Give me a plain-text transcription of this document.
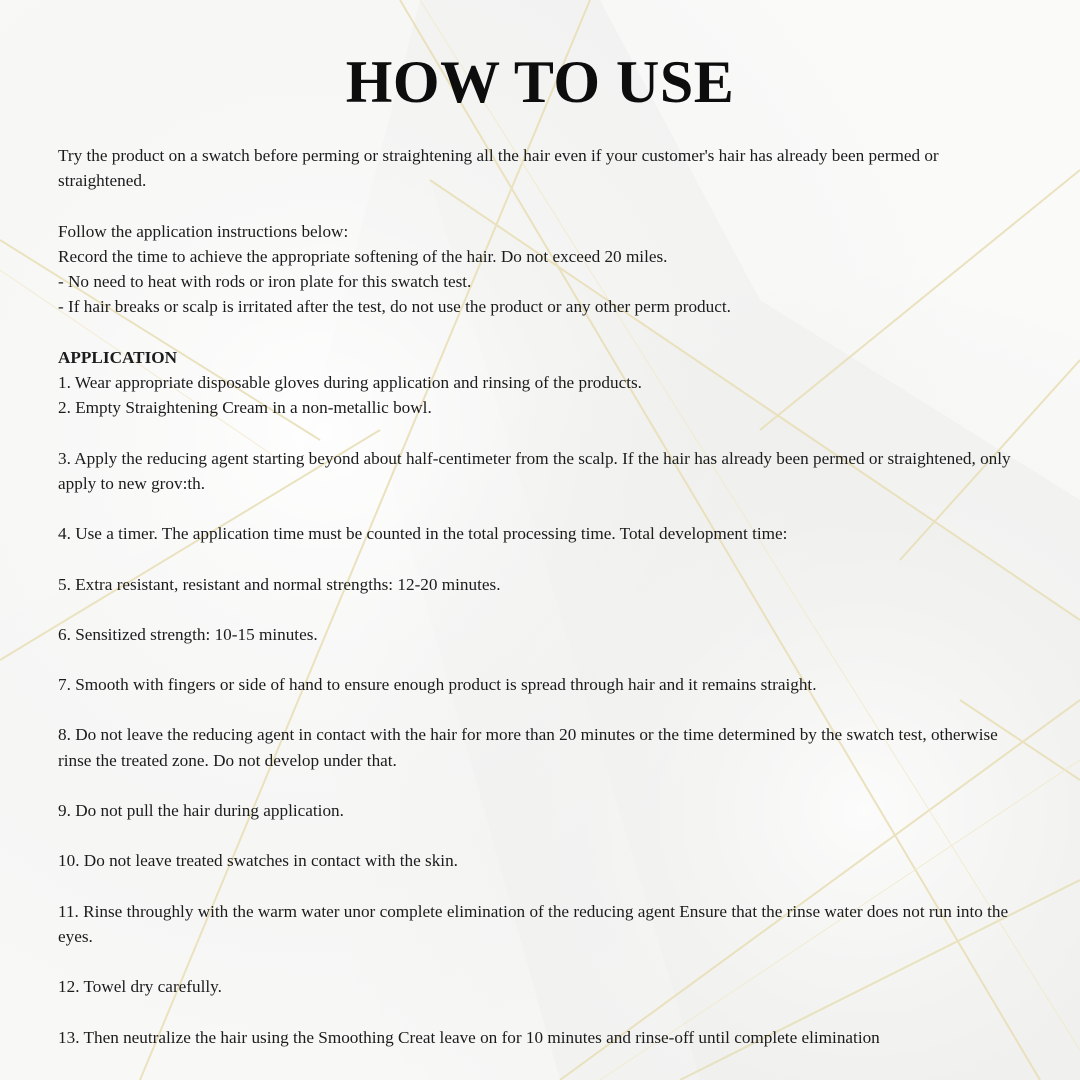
HOW TO USE

Try the product on a swatch before perming or straightening all the hair even if your customer's hair has already been permed or straightened.

Follow the application instructions below:

Record the time to achieve the appropriate softening of the hair. Do not exceed 20 miles.

- No need to heat with rods or iron plate for this swatch test.

- If hair breaks or scalp is irritated after the test, do not use the product or any other perm product.

APPLICATION

1. Wear appropriate disposable gloves during application and rinsing of the products.

2. Empty Straightening Cream in a non-metallic bowl.

3. Apply the reducing agent starting beyond about half-centimeter from the scalp. If the hair has already been permed or straightened, only apply to new grov:th.

4. Use a timer. The application time must be counted in the total processing time. Total development time:

5. Extra resistant, resistant and normal strengths: 12-20 minutes.

6. Sensitized strength: 10-15 minutes.

7. Smooth with fingers or side of hand to ensure enough product is spread through hair and it remains straight.

8. Do not leave the reducing agent in contact with the hair for more than 20 minutes or the time determined by the swatch test, otherwise rinse the treated zone. Do not develop under that.

9. Do not pull the hair during application.

10. Do not leave treated swatches in contact with the skin.

11. Rinse throughly with the warm water unor complete elimination of the reducing agent Ensure that the rinse water does not run into the eyes.

12. Towel dry carefully.

13. Then neutralize the hair using the Smoothing Creat leave on for 10 minutes and rinse-off until complete elimination
